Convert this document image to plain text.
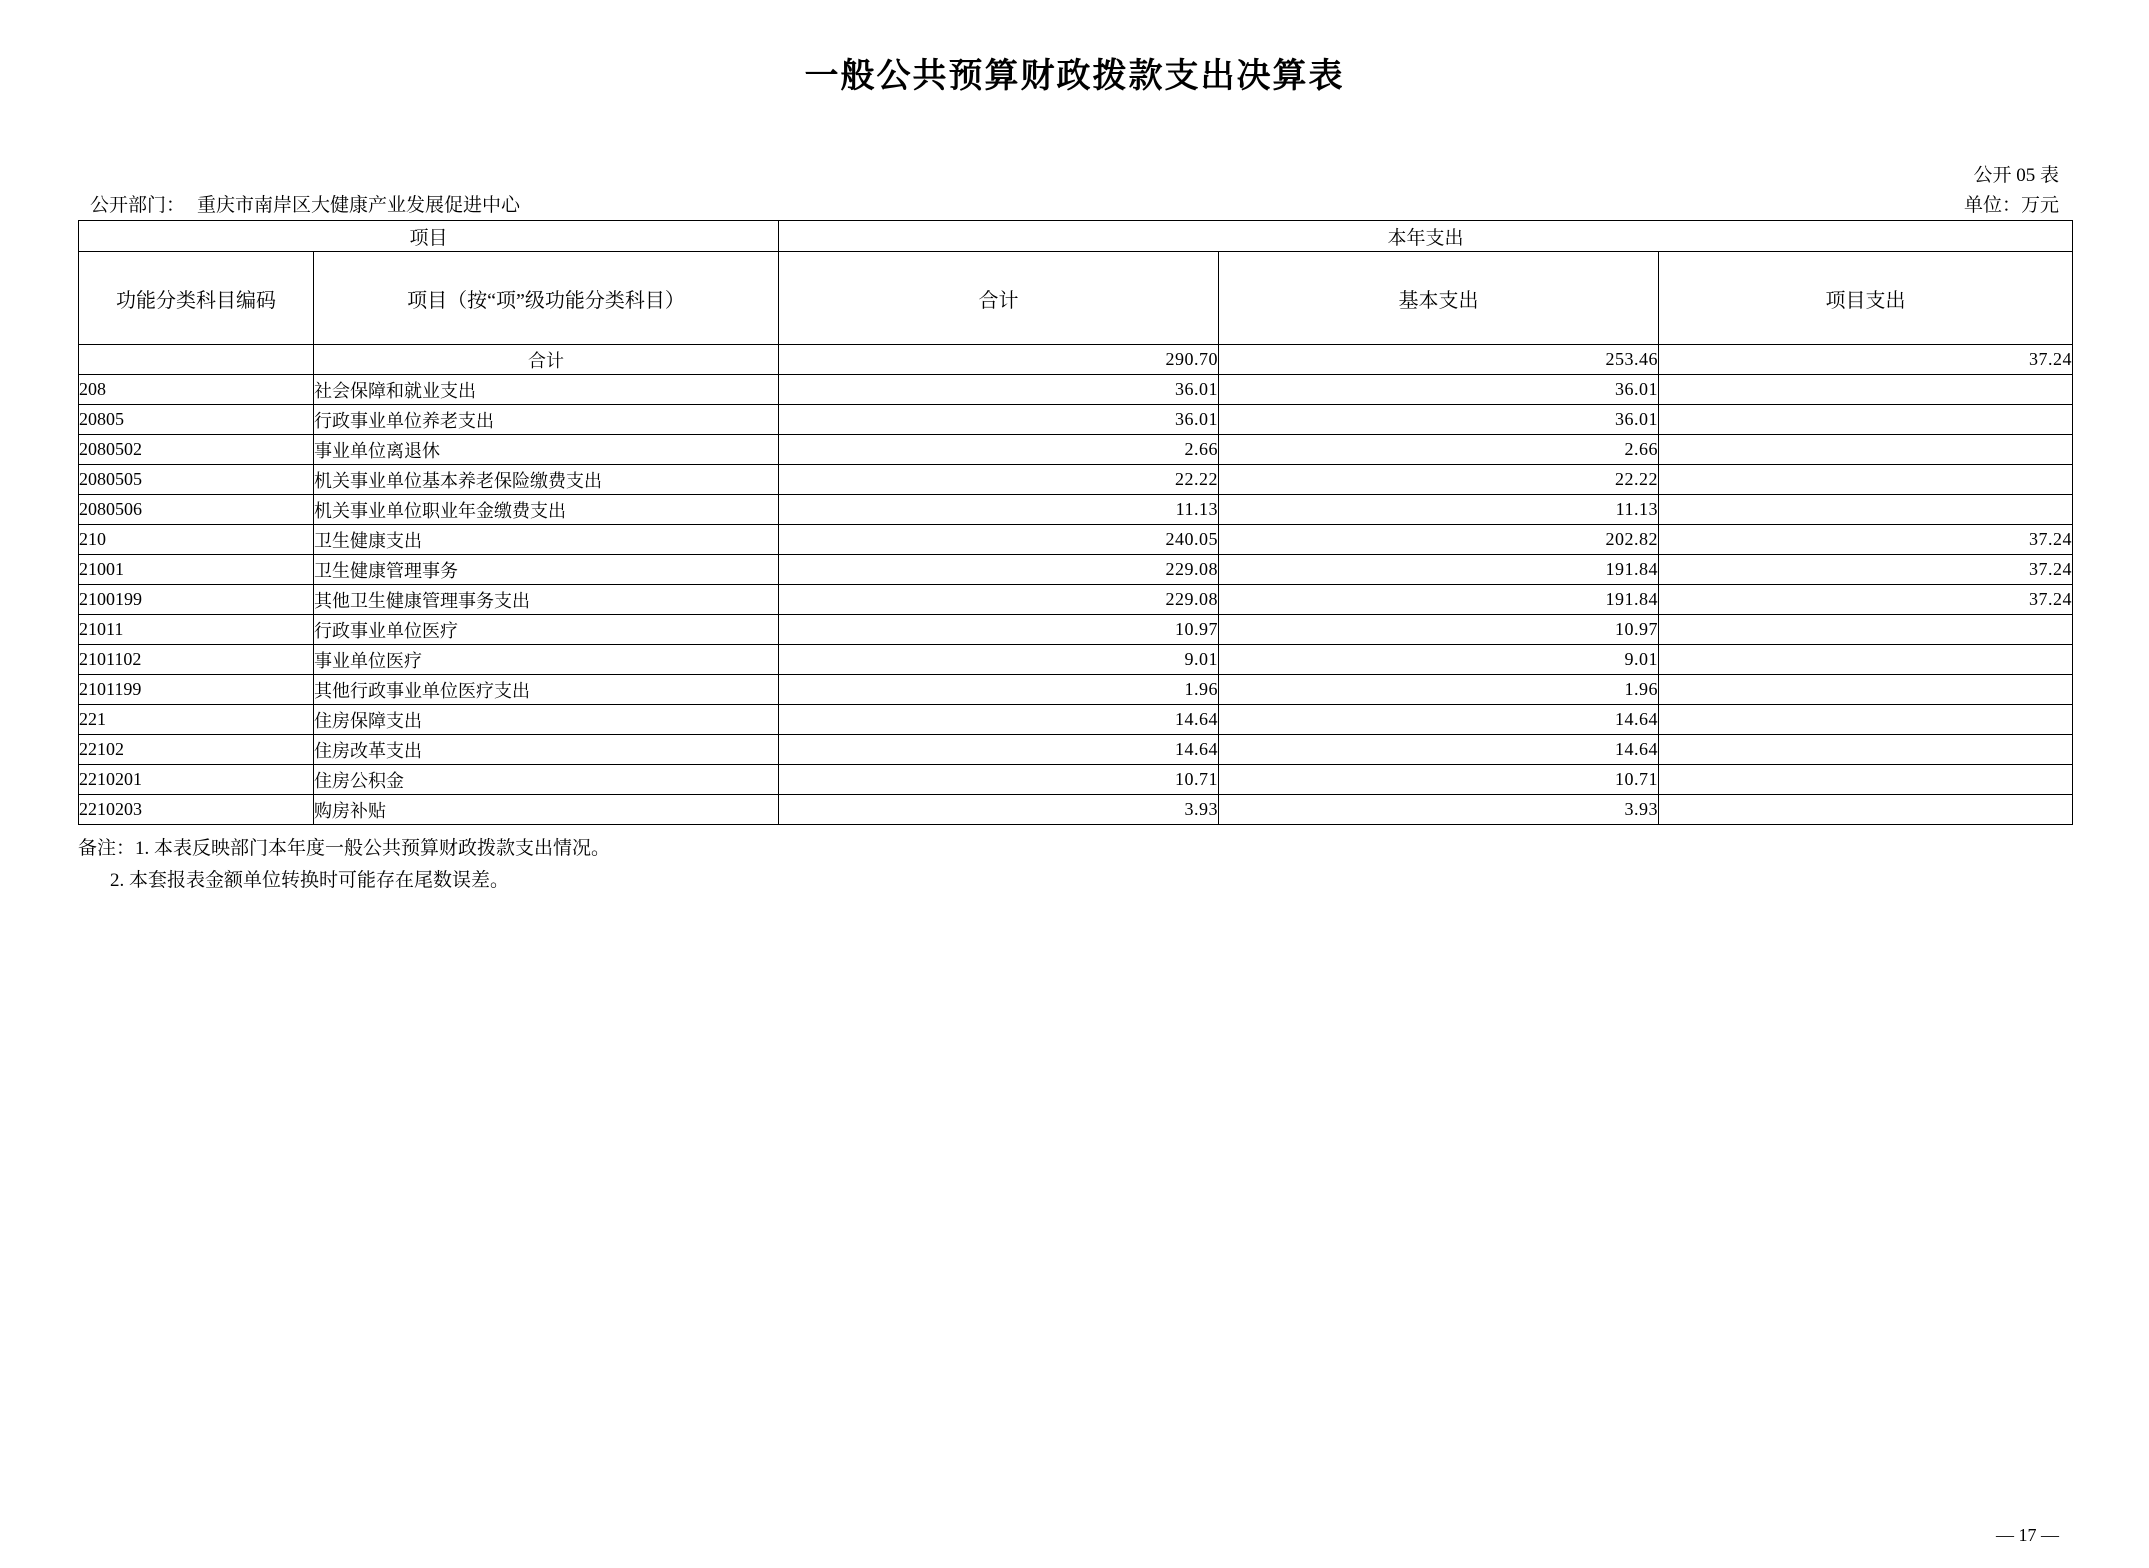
一般公共预算财政拨款支出决算表
公开 05 表
单位：万元
公开部门： 重庆市南岸区大健康产业发展促进中心
项目		本年支出		
功能分类科目编码	项目（按“项”级功能分类科目）	合计	基本支出	项目支出
	合计	290.70	253.46	37.24
208	社会保障和就业支出	36.01	36.01	
20805	行政事业单位养老支出	36.01	36.01	
2080502	事业单位离退休	2.66	2.66	
2080505	机关事业单位基本养老保险缴费支出	22.22	22.22	
2080506	机关事业单位职业年金缴费支出	11.13	11.13	
210	卫生健康支出	240.05	202.82	37.24
21001	卫生健康管理事务	229.08	191.84	37.24
2100199	其他卫生健康管理事务支出	229.08	191.84	37.24
21011	行政事业单位医疗	10.97	10.97	
2101102	事业单位医疗	9.01	9.01	
2101199	其他行政事业单位医疗支出	1.96	1.96	
221	住房保障支出	14.64	14.64	
22102	住房改革支出	14.64	14.64	
2210201	住房公积金	10.71	10.71	
2210203	购房补贴	3.93	3.93	
备注：1. 本表反映部门本年度一般公共预算财政拨款支出情况。
2. 本套报表金额单位转换时可能存在尾数误差。
— 17 —
